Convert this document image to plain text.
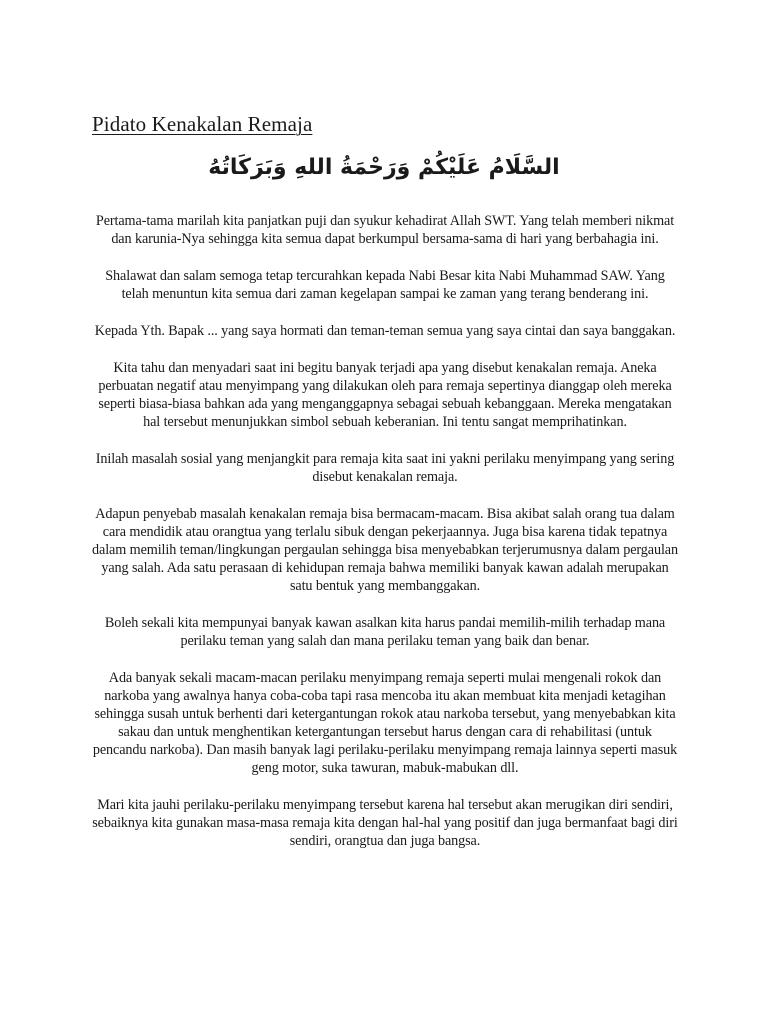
Pidato Kenakalan Remaja

السَّلَامُ عَلَيْكُمْ وَرَحْمَةُ اللهِ وَبَرَكَاتُهُ

Pertama-tama marilah kita panjatkan puji dan syukur kehadirat Allah SWT. Yang telah memberi nikmat dan karunia-Nya sehingga kita semua dapat berkumpul bersama-sama di hari yang berbahagia ini.

Shalawat dan salam semoga tetap tercurahkan kepada Nabi Besar kita Nabi Muhammad SAW. Yang telah menuntun kita semua dari zaman kegelapan sampai ke zaman yang terang benderang ini.

Kepada Yth. Bapak ... yang saya hormati dan teman-teman semua yang saya cintai dan saya banggakan.

Kita tahu dan menyadari saat ini begitu banyak terjadi apa yang disebut kenakalan remaja. Aneka perbuatan negatif atau menyimpang yang dilakukan oleh para remaja sepertinya dianggap oleh mereka seperti biasa-biasa bahkan ada yang menganggapnya sebagai sebuah kebanggaan. Mereka mengatakan hal tersebut menunjukkan simbol sebuah keberanian. Ini tentu sangat memprihatinkan.

Inilah masalah sosial yang menjangkit para remaja kita saat ini yakni perilaku menyimpang yang sering disebut kenakalan remaja.

Adapun penyebab masalah kenakalan remaja bisa bermacam-macam. Bisa akibat salah orang tua dalam cara mendidik atau orangtua yang terlalu sibuk dengan pekerjaannya. Juga bisa karena tidak tepatnya dalam memilih teman/lingkungan pergaulan sehingga bisa menyebabkan terjerumusnya dalam pergaulan yang salah. Ada satu perasaan di kehidupan remaja bahwa memiliki banyak kawan adalah merupakan satu bentuk yang membanggakan.

Boleh sekali kita mempunyai banyak kawan asalkan kita harus pandai memilih-milih terhadap mana perilaku teman yang salah dan mana perilaku teman yang baik dan benar.

Ada banyak sekali macam-macan perilaku menyimpang remaja seperti mulai mengenali rokok dan narkoba yang awalnya hanya coba-coba tapi rasa mencoba itu akan membuat kita menjadi ketagihan sehingga susah untuk berhenti dari ketergantungan rokok atau narkoba tersebut, yang menyebabkan kita sakau dan untuk menghentikan ketergantungan tersebut harus dengan cara di rehabilitasi (untuk pencandu narkoba). Dan masih banyak lagi perilaku-perilaku menyimpang remaja lainnya seperti masuk geng motor, suka tawuran, mabuk-mabukan dll.

Mari kita jauhi perilaku-perilaku menyimpang tersebut karena hal tersebut akan merugikan diri sendiri, sebaiknya kita gunakan masa-masa remaja kita dengan hal-hal yang positif dan juga bermanfaat bagi diri sendiri, orangtua dan juga bangsa.
